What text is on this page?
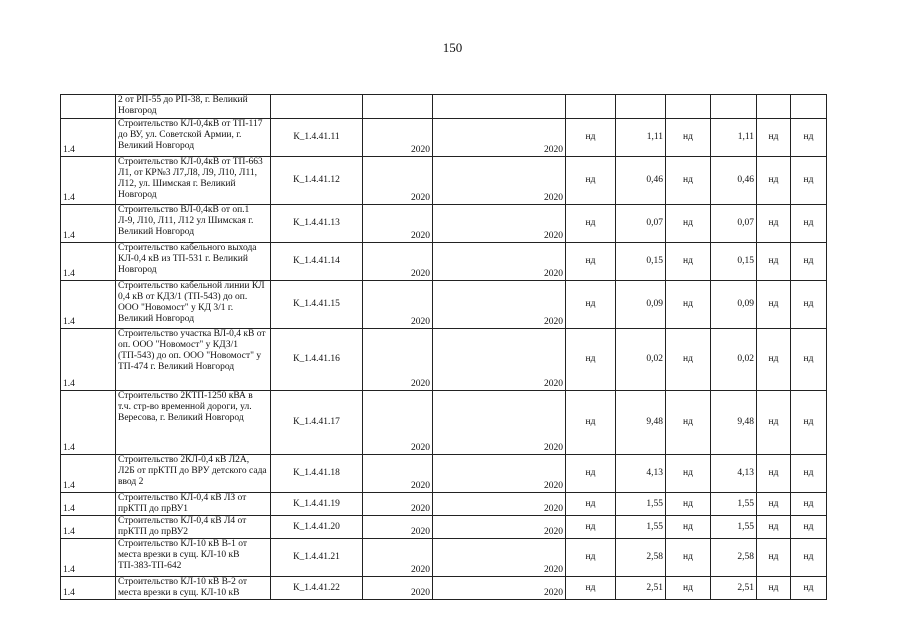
150
	2 от РП-55 до РП-38, г. Великий Новгород									
1.4	Строительство КЛ-0,4кВ от ТП-117 до ВУ, ул. Советской Армии, г. Великий Новгород	К_1.4.41.11	2020	2020	нд	1,11	нд	1,11	нд	нд
1.4	Строительство КЛ-0,4кВ от ТП-663 Л1, от КР№3 Л7,Л8, Л9, Л10, Л11, Л12, ул. Шимская г. Великий Новгород	К_1.4.41.12	2020	2020	нд	0,46	нд	0,46	нд	нд
1.4	Строительство ВЛ-0,4кВ от оп.1 Л-9, Л10, Л11, Л12 ул Шимская г. Великий Новгород	К_1.4.41.13	2020	2020	нд	0,07	нд	0,07	нд	нд
1.4	Строительство кабельного выхода КЛ-0,4 кВ из ТП-531 г. Великий Новгород	К_1.4.41.14	2020	2020	нд	0,15	нд	0,15	нд	нд
1.4	Строительство кабельной линии КЛ 0,4 кВ от КДЗ/1 (ТП-543) до оп. ООО "Новомост" у КД 3/1 г. Великий Новгород	К_1.4.41.15	2020	2020	нд	0,09	нд	0,09	нд	нд
1.4	Строительство участка ВЛ-0,4 кВ от оп. ООО "Новомост" у КДЗ/1 (ТП-543) до оп. ООО "Новомост" у ТП-474 г. Великий Новгород	К_1.4.41.16	2020	2020	нд	0,02	нд	0,02	нд	нд
1.4	Строительство 2КТП-1250 кВА в т.ч. стр-во временной дороги, ул. Вересова, г. Великий Новгород	К_1.4.41.17	2020	2020	нд	9,48	нд	9,48	нд	нд
1.4	Строительство 2КЛ-0,4 кВ Л2А, Л2Б от прКТП до ВРУ детского сада ввод 2	К_1.4.41.18	2020	2020	нд	4,13	нд	4,13	нд	нд
1.4	Строительство КЛ-0,4 кВ ЛЗ от прКТП до прВУ1	К_1.4.41.19	2020	2020	нд	1,55	нд	1,55	нд	нд
1.4	Строительство КЛ-0,4 кВ Л4 от прКТП до прВУ2	К_1.4.41.20	2020	2020	нд	1,55	нд	1,55	нд	нд
1.4	Строительство КЛ-10 кВ В-1 от места врезки в сущ. КЛ-10 кВ ТП-383-ТП-642	К_1.4.41.21	2020	2020	нд	2,58	нд	2,58	нд	нд
1.4	Строительство КЛ-10 кВ В-2 от места врезки в сущ. КЛ-10 кВ	К_1.4.41.22	2020	2020	нд	2,51	нд	2,51	нд	нд
